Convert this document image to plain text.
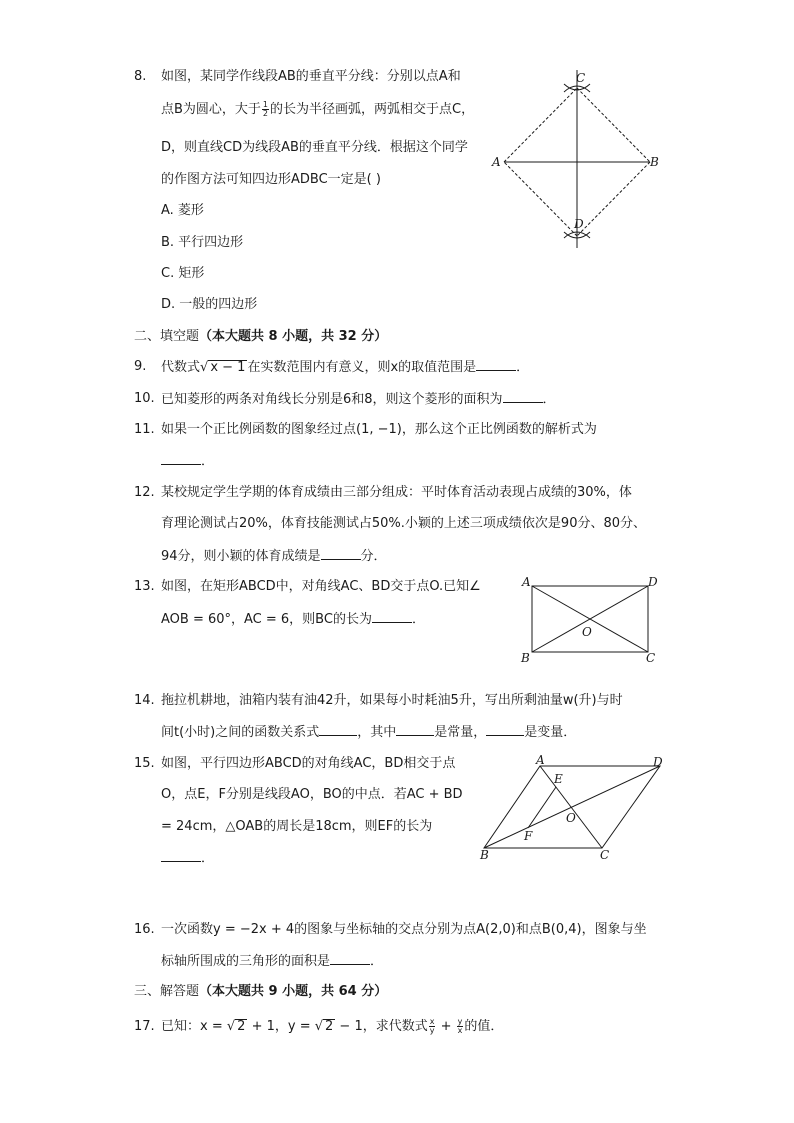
8. 如图，某同学作线段AB的垂直平分线：分别以点A和
点B为圆心，大于 $\frac{1}{2}$ 的长为半径画弧，两弧相交于点C，
D，则直线CD为线段AB的垂直平分线．根据这个同学
的作图方法可知四边形ADBC一定是( )
A. 菱形
B. 平行四边形
C. 矩形
D. 一般的四边形
A	B
C
D
二、填空题（本大题共 8 小题，共 32 分）
9. 代数式√ x − 1 在实数范围内有意义，则x的取值范围是	．
10. 已知菱形的两条对角线长分别是6和8，则这个菱形的面积为	．
11. 如果一个正比例函数的图象经过点(1, −1)，那么这个正比例函数的解析式为
．
12. 某校规定学生学期的体育成绩由三部分组成：平时体育活动表现占成绩的30%，体
育理论测试占20%，体育技能测试占50%.小颖的上述三项成绩依次是90分、80分、
94分，则小颖的体育成绩是	分．
13. 如图，在矩形ABCD中，对角线AC、BD交于点O.已知∠
AOB = 60°，AC = 6，则BC的长为	．
A	D
B	C
O
14. 拖拉机耕地，油箱内装有油42升，如果每小时耗油5升，写出所剩油量w(升)与时
间t(小时)之间的函数关系式	，其中	是常量，	是变量．
15. 如图，平行四边形ABCD的对角线AC，BD相交于点
O，点E，F分别是线段AO，BO的中点．若AC + BD
= 24cm，△OAB的周长是18cm，则EF的长为
．
A	D
B	C
E
F
O
16. 一次函数y = −2x + 4的图象与坐标轴的交点分别为点A(2,0)和点B(0,4)，图象与坐
标轴所围成的三角形的面积是	．
三、解答题（本大题共 9 小题，共 64 分）
17. 已知：x = √ 2 + 1，y = √ 2 − 1，求代数式 $\frac{x}{y} + \frac{y}{x}$ 的值．
